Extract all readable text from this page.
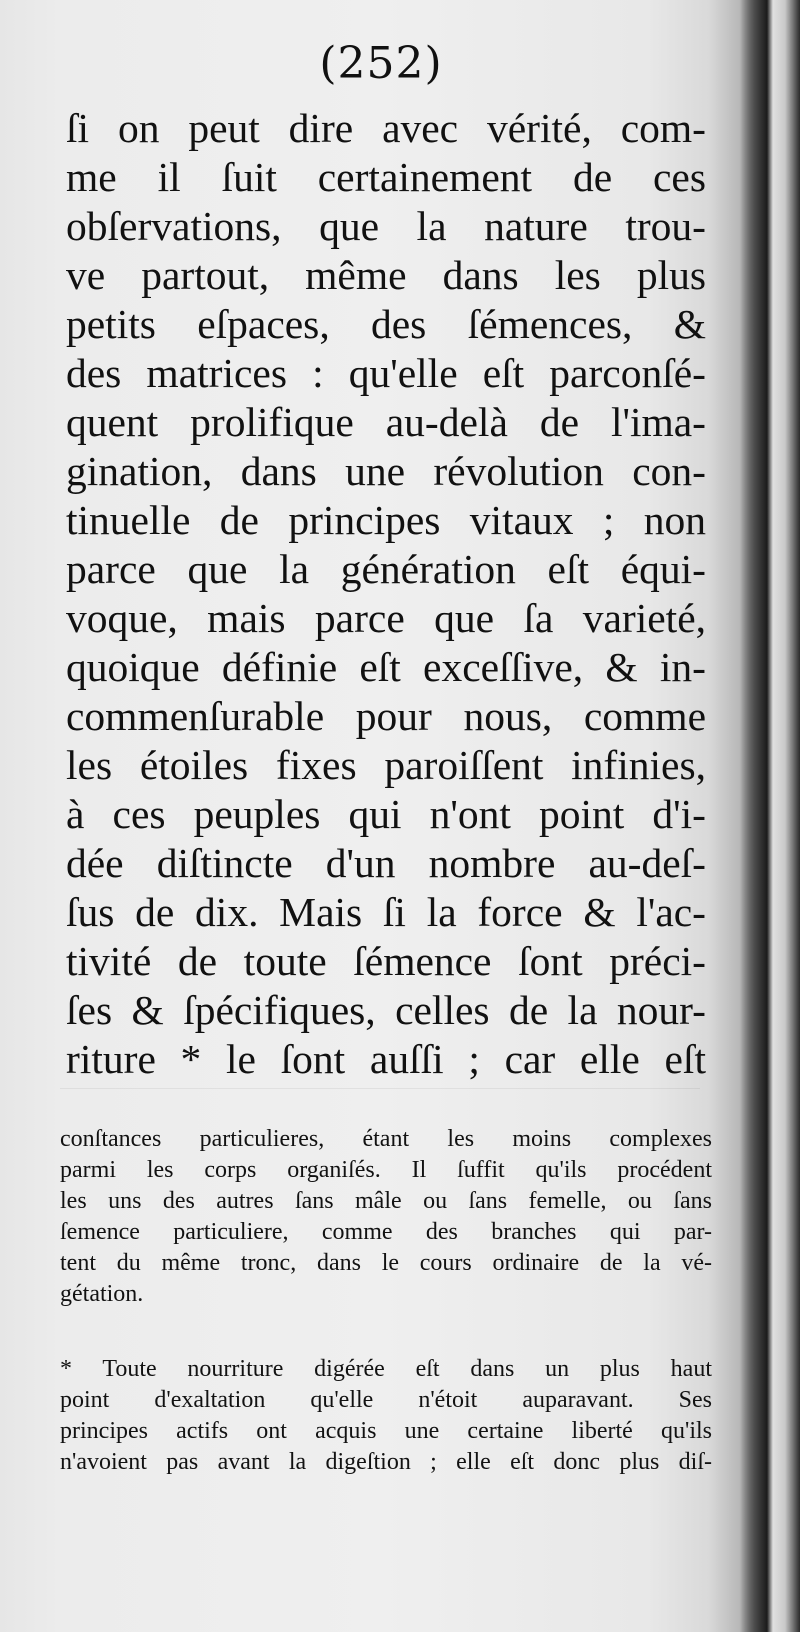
(252)
ſi on peut dire avec vérité, com-
me il ſuit certainement de ces
obſervations, que la nature trou-
ve partout, même dans les plus
petits eſpaces, des ſémences, &
des matrices : qu'elle eſt parconſé-
quent prolifique au-delà de l'ima-
gination, dans une révolution con-
tinuelle de principes vitaux ; non
parce que la génération eſt équi-
voque, mais parce que ſa varieté,
quoique définie eſt exceſſive, & in-
commenſurable pour nous, comme
les étoiles fixes paroiſſent infinies,
à ces peuples qui n'ont point d'i-
dée diſtincte d'un nombre au-deſ-
ſus de dix. Mais ſi la force & l'ac-
tivité de toute ſémence ſont préci-
ſes & ſpécifiques, celles de la nour-
riture * le ſont auſſi ; car elle eſt
conſtances particulieres, étant les moins complexes
parmi les corps organiſés. Il ſuffit qu'ils procédent
les uns des autres ſans mâle ou ſans femelle, ou ſans
ſemence particuliere, comme des branches qui par-
tent du même tronc, dans le cours ordinaire de la vé-
gétation.
* Toute nourriture digérée eſt dans un plus haut
point d'exaltation qu'elle n'étoit auparavant. Ses
principes actifs ont acquis une certaine liberté qu'ils
n'avoient pas avant la digeſtion ; elle eſt donc plus diſ-
